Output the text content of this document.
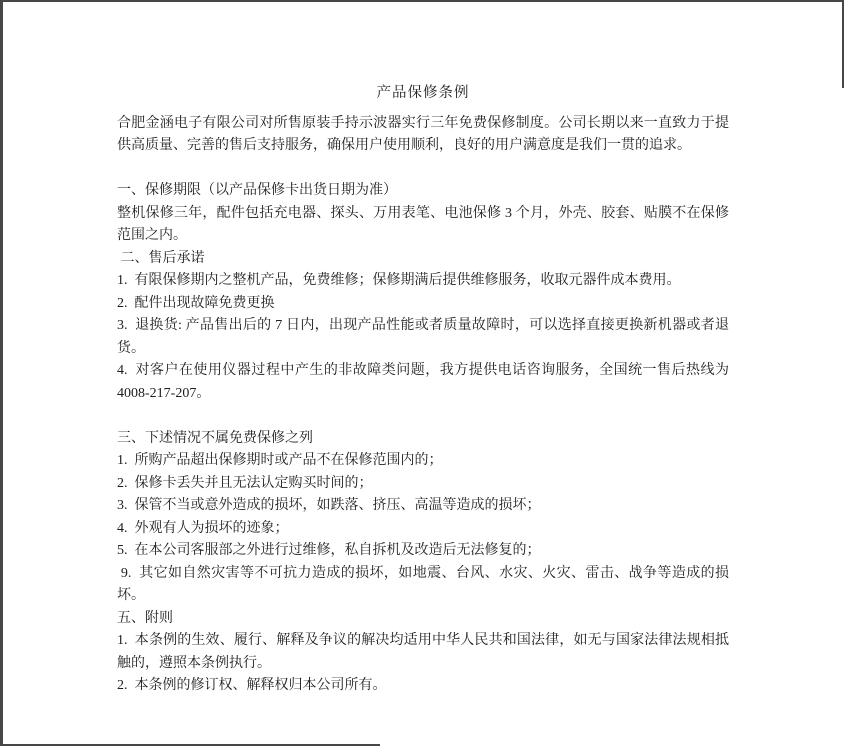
产品保修条例

合肥金涵电子有限公司对所售原装手持示波器实行三年免费保修制度。公司长期以来一直致力于提供高质量、完善的售后支持服务，确保用户使用顺利，良好的用户满意度是我们一贯的追求。

一、保修期限（以产品保修卡出货日期为准）

整机保修三年，配件包括充电器、探头、万用表笔、电池保修 3 个月，外壳、胶套、贴膜不在保修范围之内。

二、售后承诺

1.  有限保修期内之整机产品，免费维修；保修期满后提供维修服务，收取元器件成本费用。

2.  配件出现故障免费更换

3.  退换货: 产品售出后的 7 日内，出现产品性能或者质量故障时，可以选择直接更换新机器或者退货。

4.  对客户在使用仪器过程中产生的非故障类问题，我方提供电话咨询服务，全国统一售后热线为 4008-217-207。

三、下述情况不属免费保修之列

1.  所购产品超出保修期时或产品不在保修范围内的；

2.  保修卡丢失并且无法认定购买时间的；

3.  保管不当或意外造成的损坏，如跌落、挤压、高温等造成的损坏；

4.  外观有人为损坏的迹象；

5.  在本公司客服部之外进行过维修，私自拆机及改造后无法修复的；

9.  其它如自然灾害等不可抗力造成的损坏，如地震、台风、水灾、火灾、雷击、战争等造成的损坏。

五、附则

1.  本条例的生效、履行、解释及争议的解决均适用中华人民共和国法律，如无与国家法律法规相抵触的，遵照本条例执行。

2.  本条例的修订权、解释权归本公司所有。
